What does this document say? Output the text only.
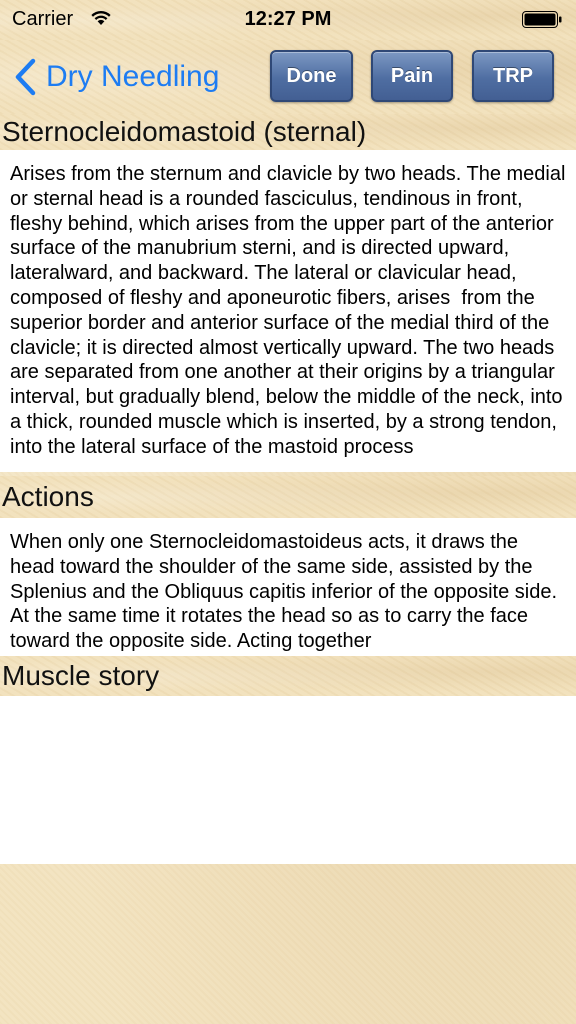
Carrier	12:27 PM
Dry Needling	Done	Pain	TRP
Sternocleidomastoid (sternal)

Arises from the sternum and clavicle by two heads. The medial or sternal head is a rounded fasciculus, tendinous in front, fleshy behind, which arises from the upper part of the anterior surface of the manubrium sterni, and is directed upward, lateralward, and backward. The lateral or clavicular head, composed of fleshy and aponeurotic fibers, arises  from the superior border and anterior surface of the medial third of the clavicle; it is directed almost vertically upward. The two heads are separated from one another at their origins by a triangular interval, but gradually blend, below the middle of the neck, into a thick, rounded muscle which is inserted, by a strong tendon, into the lateral surface of the mastoid process

Actions

When only one Sternocleidomastoideus acts, it draws the head toward the shoulder of the same side, assisted by the Splenius and the Obliquus capitis inferior of the opposite side. At the same time it rotates the head so as to carry the face toward the opposite side. Acting together

Muscle story
